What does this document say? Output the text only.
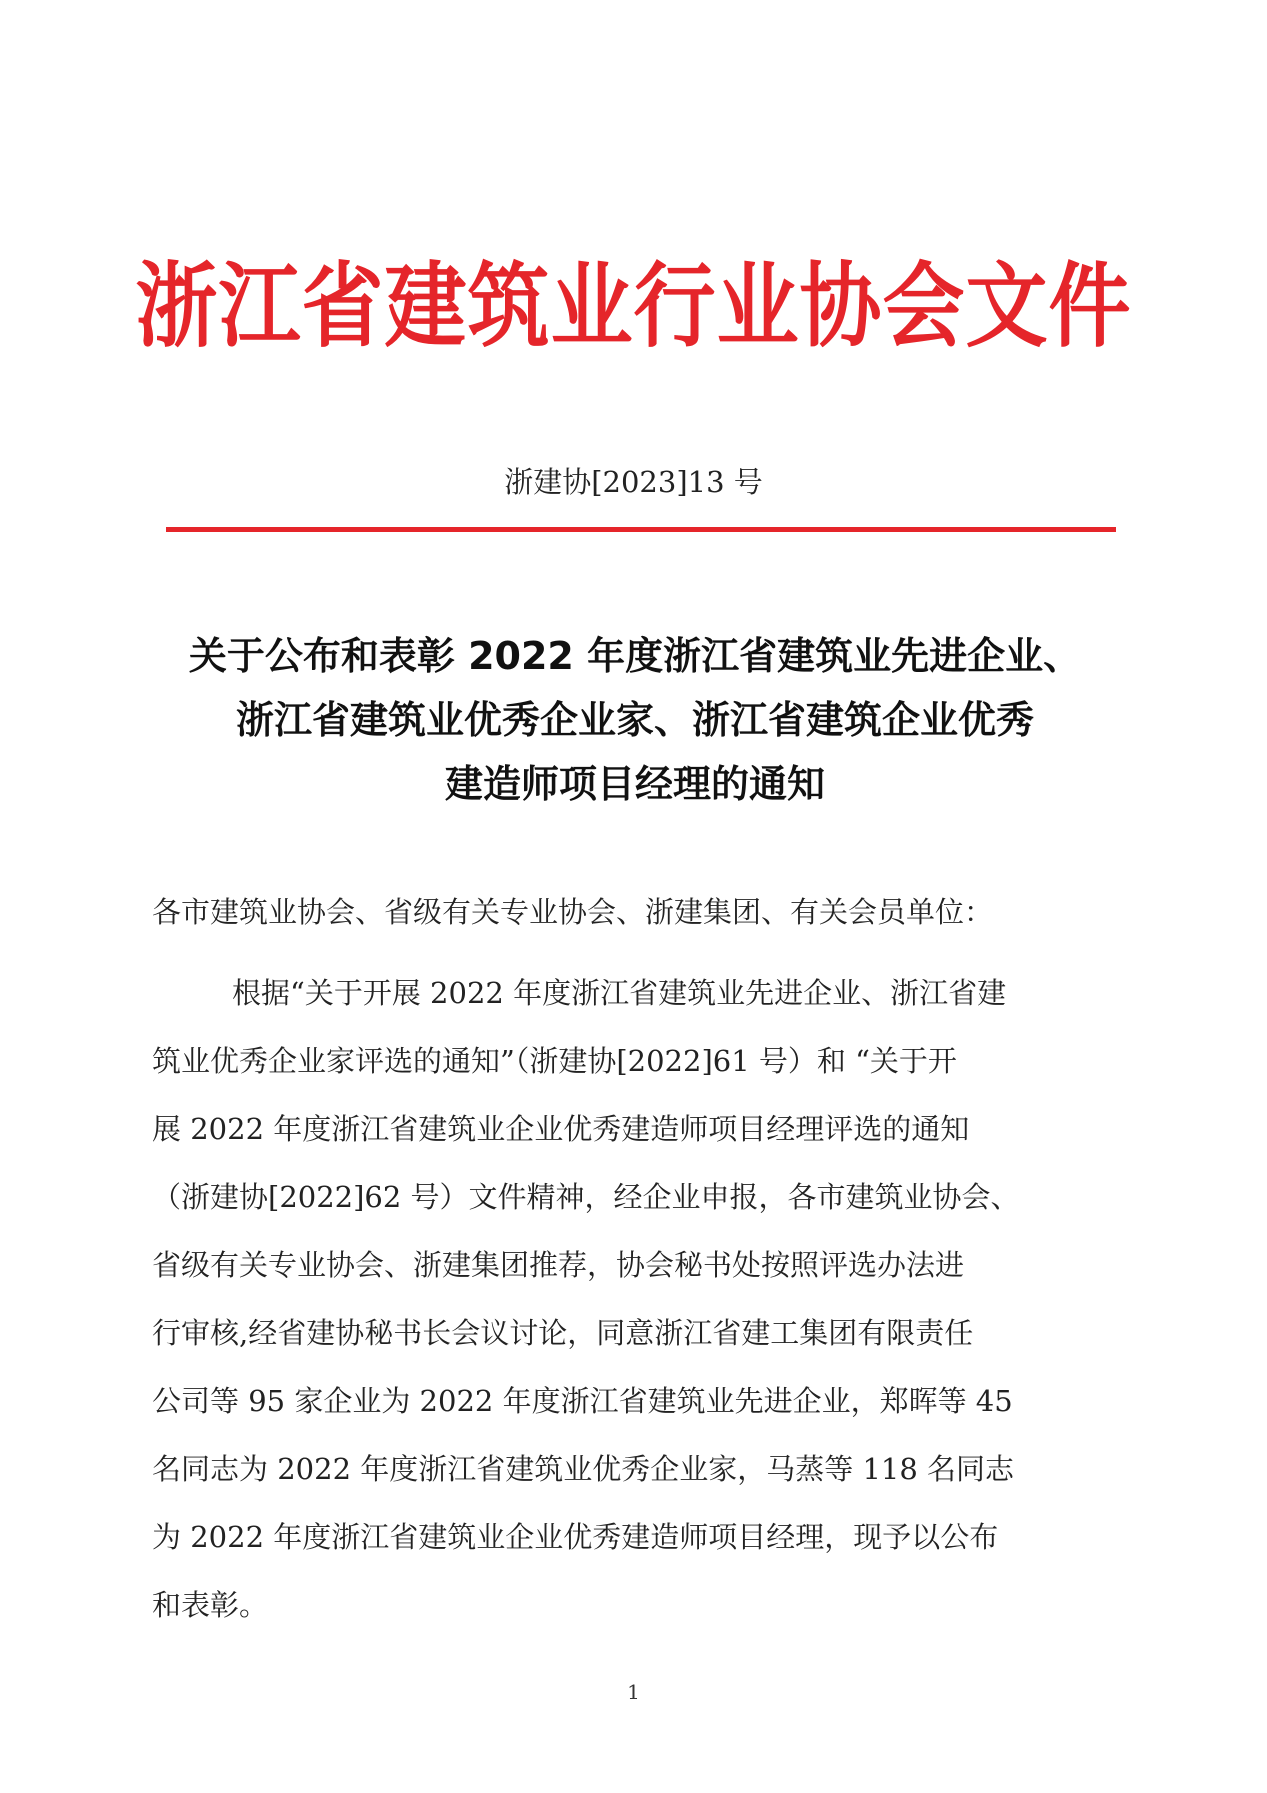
浙江省建筑业行业协会文件
浙建协[2023]13 号
关于公布和表彰 2022 年度浙江省建筑业先进企业、
浙江省建筑业优秀企业家、浙江省建筑企业优秀
建造师项目经理的通知
各市建筑业协会、省级有关专业协会、浙建集团、有关会员单位：
根据“关于开展 2022 年度浙江省建筑业先进企业、浙江省建
筑业优秀企业家评选的通知”（浙建协[2022]61 号）和 “关于开
展 2022 年度浙江省建筑业企业优秀建造师项目经理评选的通知
（浙建协[2022]62 号）文件精神，经企业申报，各市建筑业协会、
省级有关专业协会、浙建集团推荐，协会秘书处按照评选办法进
行审核,经省建协秘书长会议讨论，同意浙江省建工集团有限责任
公司等 95 家企业为 2022 年度浙江省建筑业先进企业，郑晖等 45
名同志为 2022 年度浙江省建筑业优秀企业家，马蒸等 118 名同志
为 2022 年度浙江省建筑业企业优秀建造师项目经理，现予以公布
和表彰。
1
